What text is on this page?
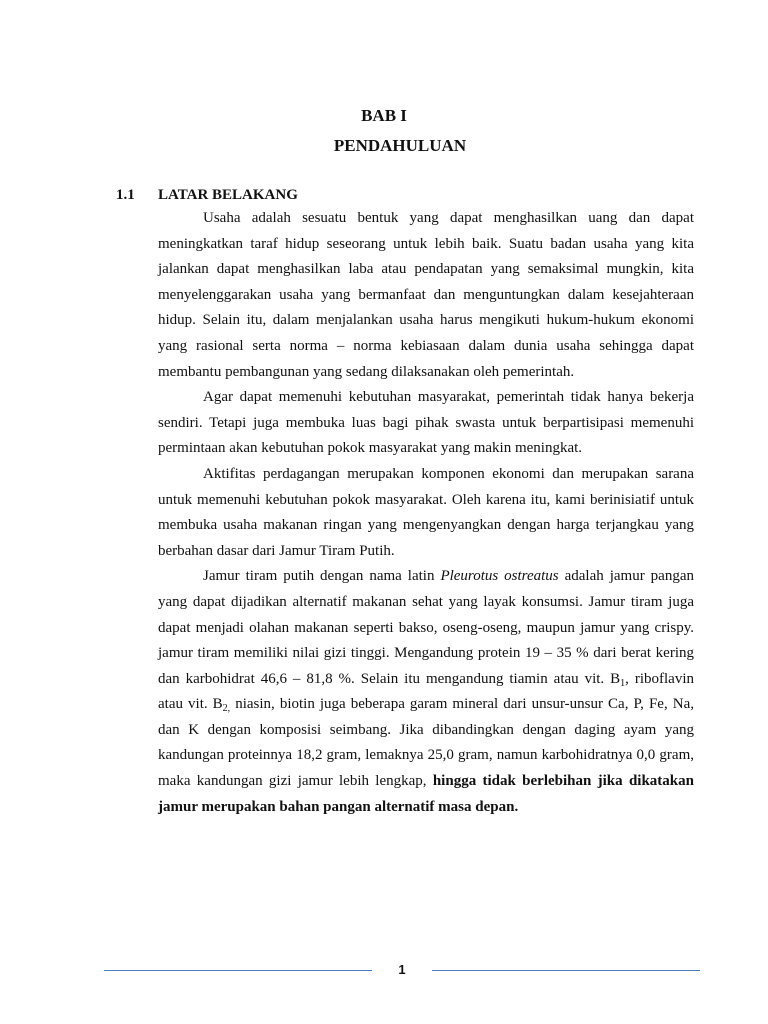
BAB I
PENDAHULUAN
1.1 LATAR BELAKANG

Usaha adalah sesuatu bentuk yang dapat menghasilkan uang dan dapat meningkatkan taraf hidup seseorang untuk lebih baik. Suatu badan usaha yang kita jalankan dapat menghasilkan laba atau pendapatan yang semaksimal mungkin, kita menyelenggarakan usaha yang bermanfaat dan menguntungkan dalam kesejahteraan hidup. Selain itu, dalam menjalankan usaha harus mengikuti hukum-hukum ekonomi yang rasional serta norma – norma kebiasaan dalam dunia usaha sehingga dapat membantu pembangunan yang sedang dilaksanakan oleh pemerintah.

Agar dapat memenuhi kebutuhan masyarakat, pemerintah tidak hanya bekerja sendiri. Tetapi juga membuka luas bagi pihak swasta untuk berpartisipasi memenuhi permintaan akan kebutuhan pokok masyarakat yang makin meningkat.

Aktifitas perdagangan merupakan komponen ekonomi dan merupakan sarana untuk memenuhi kebutuhan pokok masyarakat. Oleh karena itu, kami berinisiatif untuk membuka usaha makanan ringan yang mengenyangkan dengan harga terjangkau yang berbahan dasar dari Jamur Tiram Putih.

Jamur tiram putih dengan nama latin Pleurotus ostreatus adalah jamur pangan yang dapat dijadikan alternatif makanan sehat yang layak konsumsi. Jamur tiram juga dapat menjadi olahan makanan seperti bakso, oseng-oseng, maupun jamur yang crispy. jamur tiram memiliki nilai gizi tinggi. Mengandung protein 19 – 35 % dari berat kering dan karbohidrat 46,6 – 81,8 %. Selain itu mengandung tiamin atau vit. $B_1$, riboflavin atau vit. $B_{2,}$ niasin, biotin juga beberapa garam mineral dari unsur-unsur Ca, P, Fe, Na, dan K dengan komposisi seimbang. Jika dibandingkan dengan daging ayam yang kandungan proteinnya 18,2 gram, lemaknya 25,0 gram, namun karbohidratnya 0,0 gram, maka kandungan gizi jamur lebih lengkap, hingga tidak berlebihan jika dikatakan jamur merupakan bahan pangan alternatif masa depan.

1
